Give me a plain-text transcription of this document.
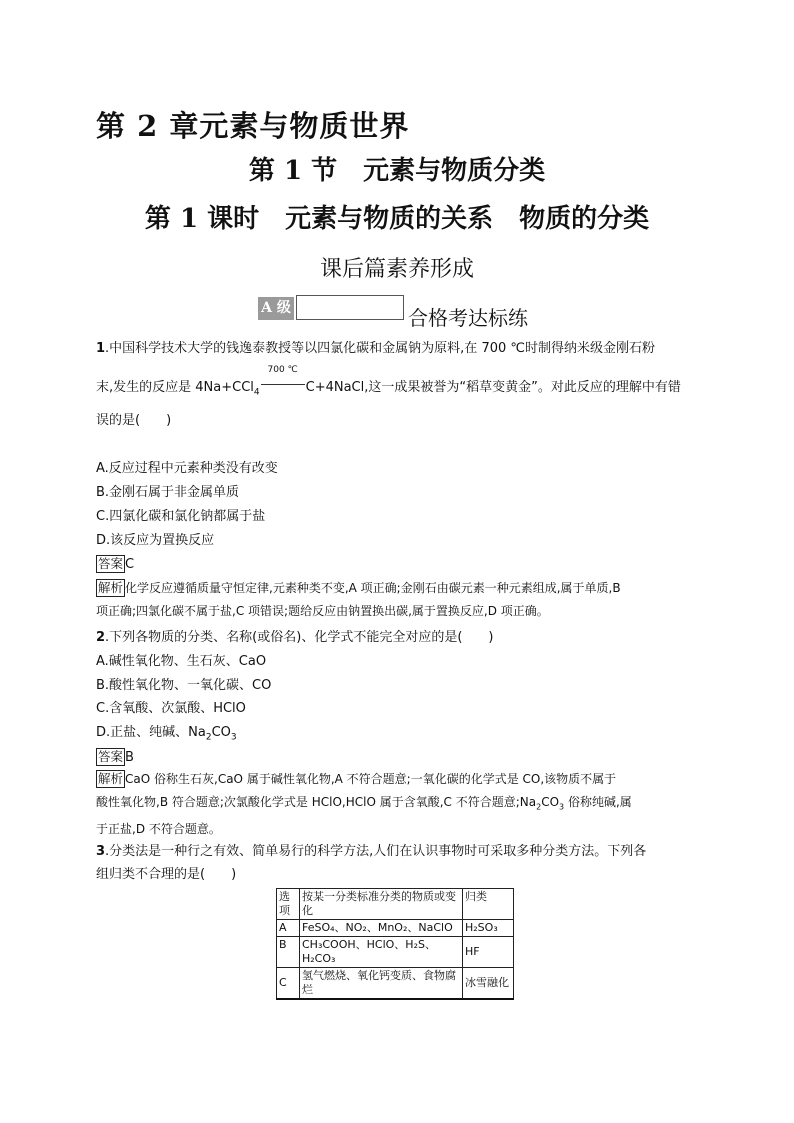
第 2 章元素与物质世界
第 1 节　元素与物质分类
第 1 课时　元素与物质的关系　物质的分类
课后篇素养形成
A 级	合格考达标练
1.中国科学技术大学的钱逸泰教授等以四氯化碳和金属钠为原料,在 700 ℃时制得纳米级金刚石粉
末,发生的反应是 4Na+CCl$_4$
700 ℃
C+4NaCl,这一成果被誉为“稻草变黄金”。对此反应的理解中有错
误的是(　　)
A.反应过程中元素种类没有改变
B.金刚石属于非金属单质
C.四氯化碳和氯化钠都属于盐
D.该反应为置换反应
答案 C
解析 化学反应遵循质量守恒定律,元素种类不变,A 项正确;金刚石由碳元素一种元素组成,属于单质,B
项正确;四氯化碳不属于盐,C 项错误;题给反应由钠置换出碳,属于置换反应,D 项正确。
2.下列各物质的分类、名称(或俗名)、化学式不能完全对应的是(　　)
A.碱性氧化物、生石灰、CaO
B.酸性氧化物、一氧化碳、CO
C.含氧酸、次氯酸、HClO
D.正盐、纯碱、$Na_2CO_3$
答案 B
解析 CaO 俗称生石灰,CaO 属于碱性氧化物,A 不符合题意;一氧化碳的化学式是 CO,该物质不属于
酸性氧化物,B 符合题意;次氯酸化学式是 HClO,HClO 属于含氧酸,C 不符合题意$;Na_2CO_3$ 俗称纯碱,属
于正盐,D 不符合题意。
3.分类法是一种行之有效、简单易行的科学方法,人们在认识事物时可采取多种分类方法。下列各
组归类不合理的是(　　)
选项	按某一分类标准分类的物质或变化	归类
A	FeSO₄、NO₂、MnO₂、NaClO	H₂SO₃
B	CH₃COOH、HClO、H₂S、H₂CO₃	HF
C	氢气燃烧、氧化钙变质、食物腐烂	冰雪融化
